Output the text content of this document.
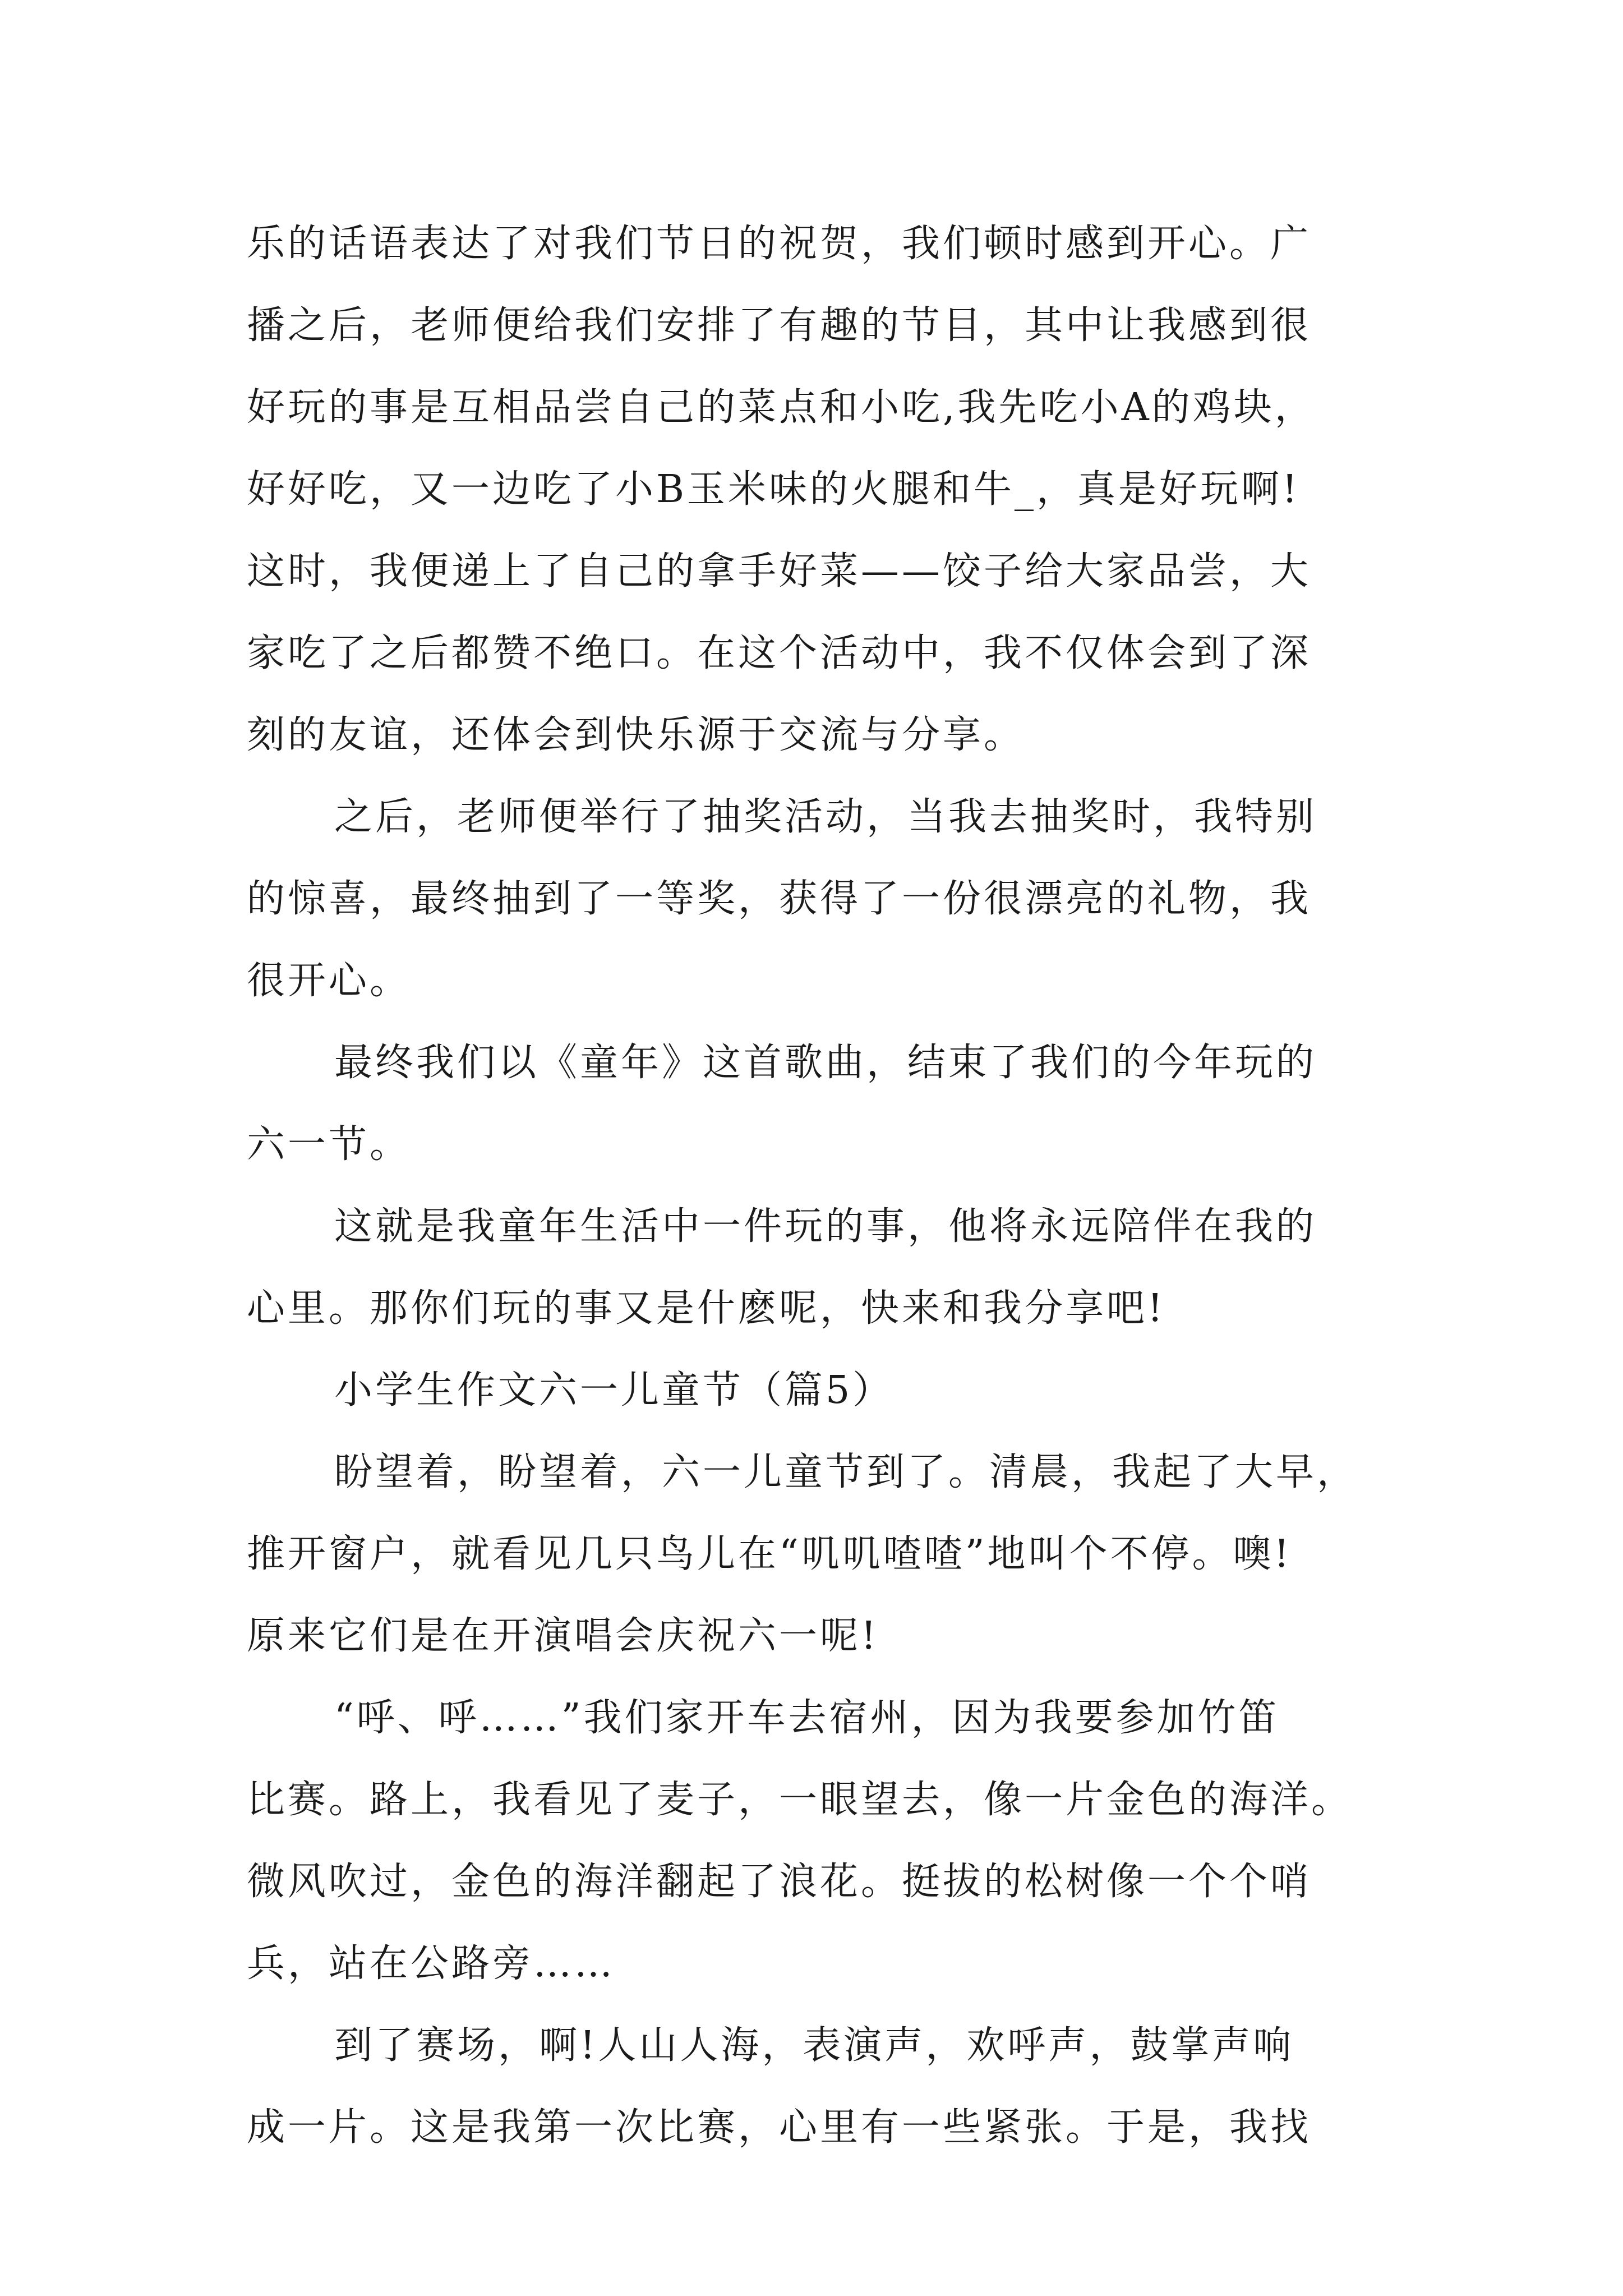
乐的话语表达了对我们节日的祝贺，我们顿时感到开心。广
播之后，老师便给我们安排了有趣的节目，其中让我感到很
好玩的事是互相品尝自己的菜点和小吃,我先吃小A的鸡块，
好好吃，又一边吃了小B玉米味的火腿和牛_，真是好玩啊!
这时，我便递上了自己的拿手好菜——饺子给大家品尝，大
家吃了之后都赞不绝口。在这个活动中，我不仅体会到了深
刻的友谊，还体会到快乐源于交流与分享。
之后，老师便举行了抽奖活动，当我去抽奖时，我特别
的惊喜，最终抽到了一等奖，获得了一份很漂亮的礼物，我
很开心。
最终我们以《童年》这首歌曲，结束了我们的今年玩的
六一节。
这就是我童年生活中一件玩的事，他将永远陪伴在我的
心里。那你们玩的事又是什麽呢，快来和我分享吧!
小学生作文六一儿童节（篇5）
盼望着，盼望着，六一儿童节到了。清晨，我起了大早，
推开窗户，就看见几只鸟儿在“叽叽喳喳”地叫个不停。噢!
原来它们是在开演唱会庆祝六一呢!
“呼、呼……”我们家开车去宿州，因为我要参加竹笛
比赛。路上，我看见了麦子，一眼望去，像一片金色的海洋。
微风吹过，金色的海洋翻起了浪花。挺拔的松树像一个个哨
兵，站在公路旁……
到了赛场，啊!人山人海，表演声，欢呼声，鼓掌声响
成一片。这是我第一次比赛，心里有一些紧张。于是，我找
